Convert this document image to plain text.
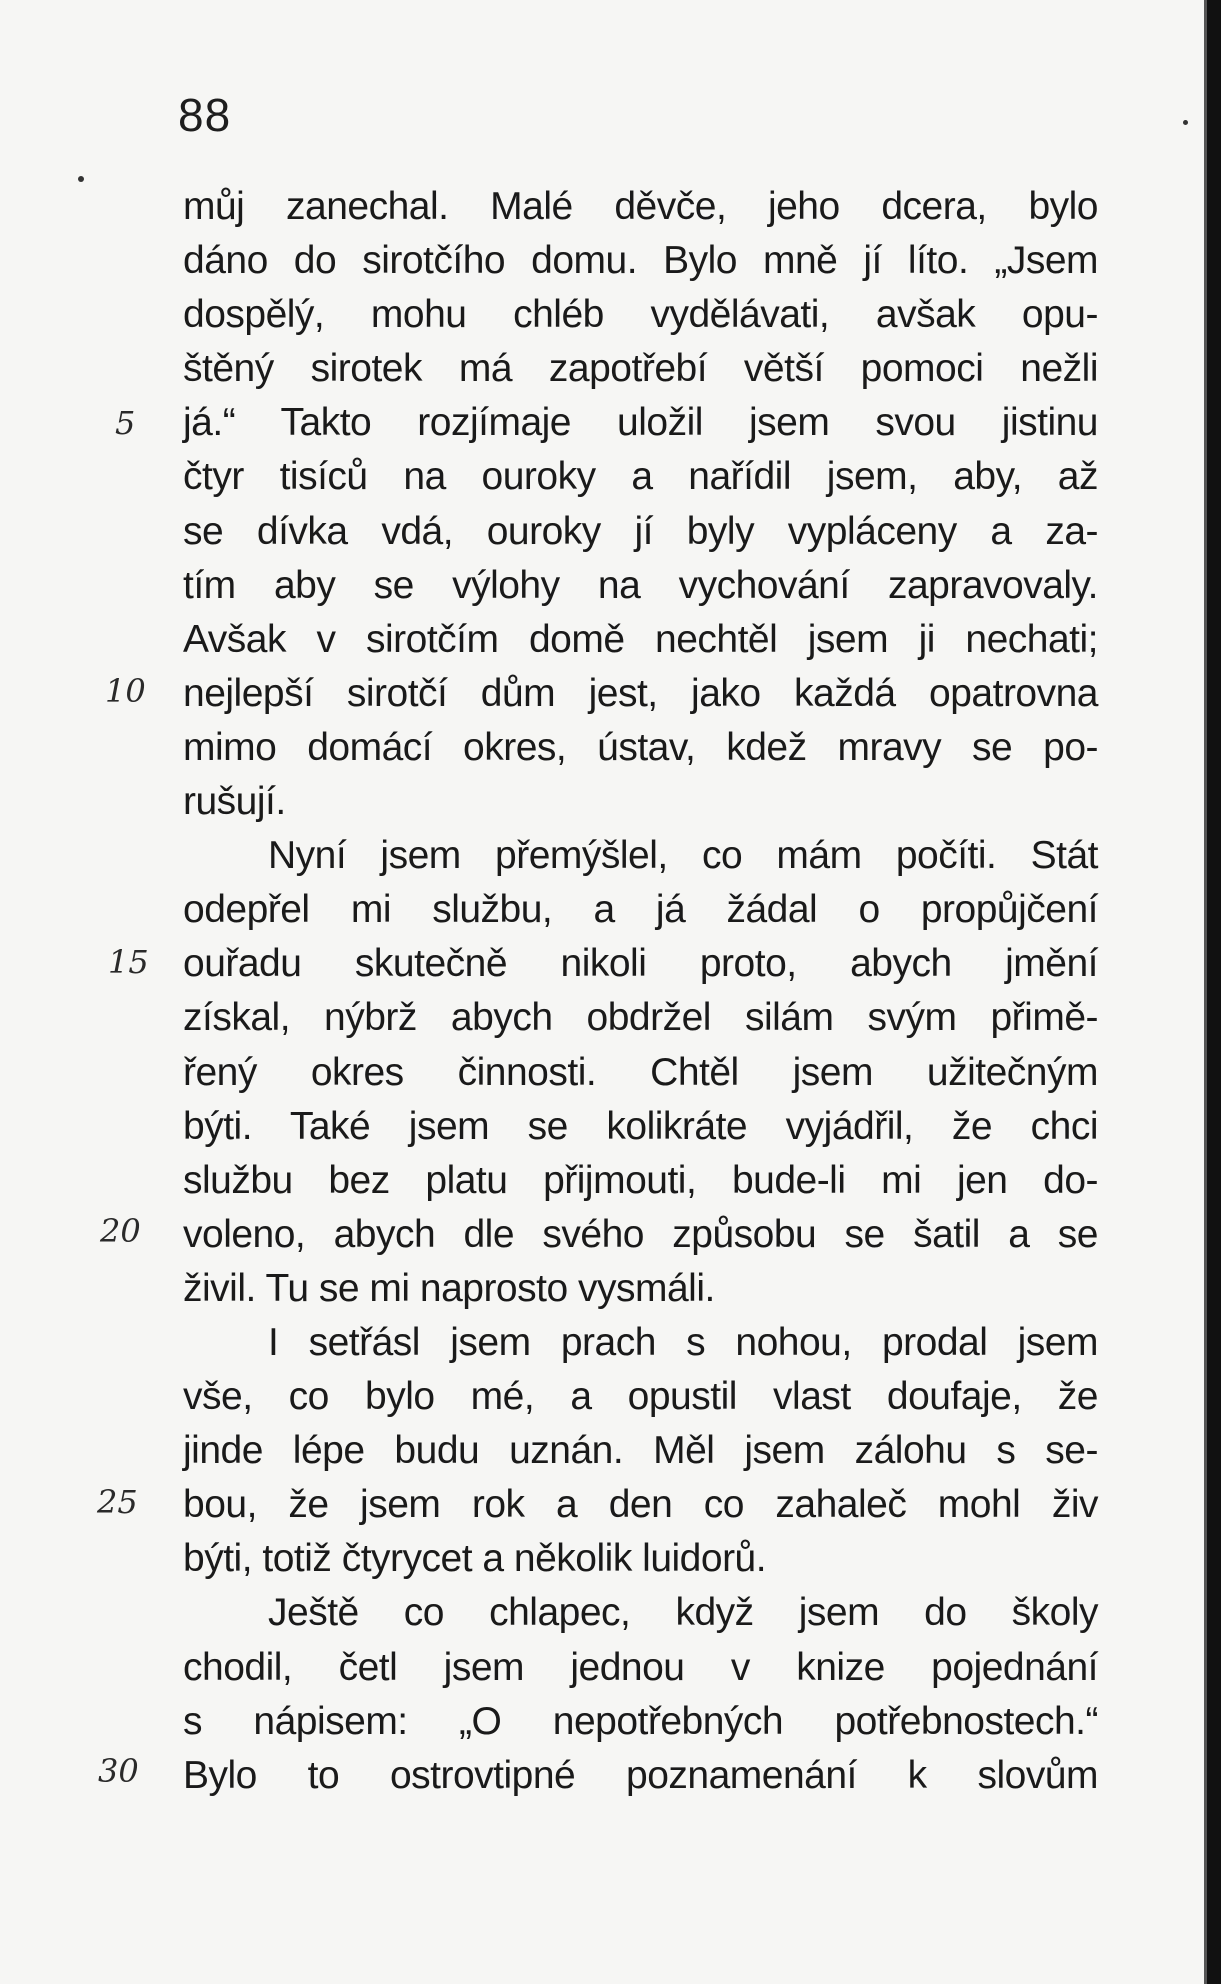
88
5
10
15
20
25
30
můj zanechal. Malé děvče, jeho dcera, bylo
dáno do sirotčího domu. Bylo mně jí líto. „Jsem
dospělý, mohu chléb vydělávati, avšak opu-
štěný sirotek má zapotřebí větší pomoci nežli
já.“ Takto rozjímaje uložil jsem svou jistinu
čtyr tisíců na ouroky a nařídil jsem, aby, až
se dívka vdá, ouroky jí byly vypláceny a za-
tím aby se výlohy na vychování zapravovaly.
Avšak v sirotčím domě nechtěl jsem ji nechati;
nejlepší sirotčí dům jest, jako každá opatrovna
mimo domácí okres, ústav, kdež mravy se po-
rušují.
Nyní jsem přemýšlel, co mám počíti. Stát
odepřel mi službu, a já žádal o propůjčení
ouřadu skutečně nikoli proto, abych jmění
získal, nýbrž abych obdržel silám svým přimě-
řený okres činnosti. Chtěl jsem užitečným
býti. Také jsem se kolikráte vyjádřil, že chci
službu bez platu přijmouti, bude-li mi jen do-
voleno, abych dle svého způsobu se šatil a se
živil. Tu se mi naprosto vysmáli.
I setřásl jsem prach s nohou, prodal jsem
vše, co bylo mé, a opustil vlast doufaje, že
jinde lépe budu uznán. Měl jsem zálohu s se-
bou, že jsem rok a den co zahaleč mohl živ
býti, totiž čtyrycet a několik luidorů.
Ještě co chlapec, když jsem do školy
chodil, četl jsem jednou v knize pojednání
s nápisem: „O nepotřebných potřebnostech.“
Bylo to ostrovtipné poznamenání k slovům
